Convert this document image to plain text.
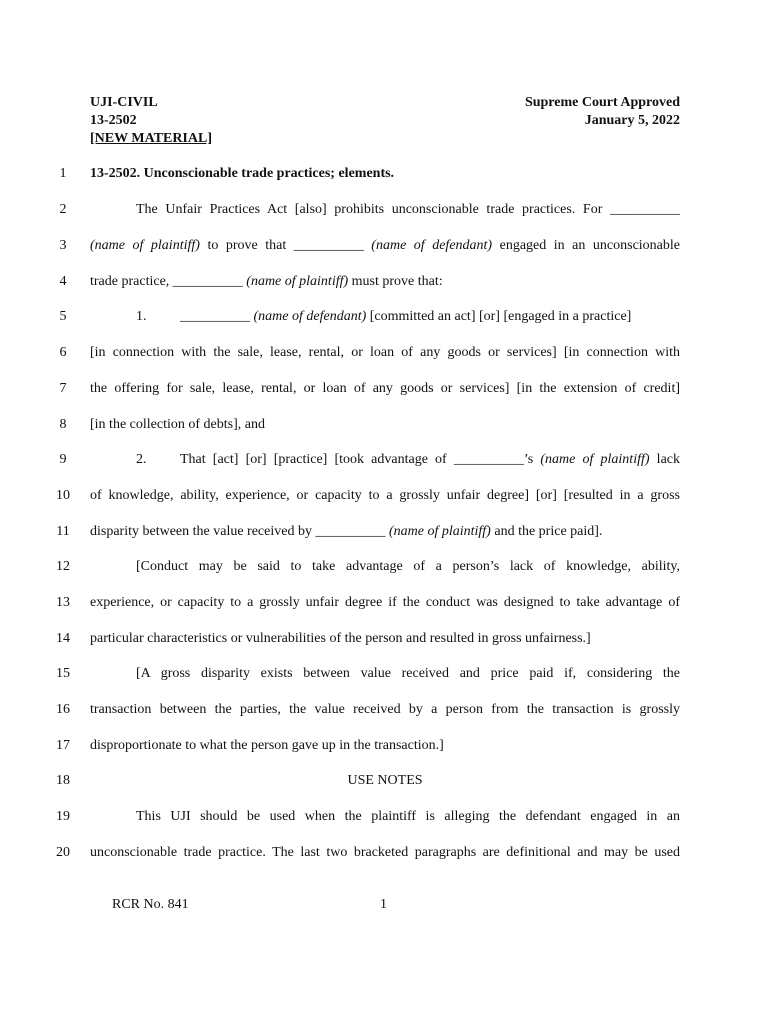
UJI-CIVIL
13-2502
[NEW MATERIAL]
Supreme Court Approved
January 5, 2022
1 13-2502. Unconscionable trade practices; elements.
2	The Unfair Practices Act [also] prohibits unconscionable trade practices. For __________
3 (name of plaintiff) to prove that __________ (name of defendant) engaged in an unconscionable
4 trade practice, __________ (name of plaintiff) must prove that:
5	1. __________ (name of defendant) [committed an act] [or] [engaged in a practice]
6 [in connection with the sale, lease, rental, or loan of any goods or services] [in connection with
7 the offering for sale, lease, rental, or loan of any goods or services] [in the extension of credit]
8 [in the collection of debts], and
9	2. That [act] [or] [practice] [took advantage of __________’s (name of plaintiff) lack
10 of knowledge, ability, experience, or capacity to a grossly unfair degree] [or] [resulted in a gross
11 disparity between the value received by __________ (name of plaintiff) and the price paid].
12	[Conduct may be said to take advantage of a person’s lack of knowledge, ability,
13 experience, or capacity to a grossly unfair degree if the conduct was designed to take advantage of
14 particular characteristics or vulnerabilities of the person and resulted in gross unfairness.]
15	[A gross disparity exists between value received and price paid if, considering the
16 transaction between the parties, the value received by a person from the transaction is grossly
17 disproportionate to what the person gave up in the transaction.]
18	USE NOTES
19	This UJI should be used when the plaintiff is alleging the defendant engaged in an
20 unconscionable trade practice. The last two bracketed paragraphs are definitional and may be used
RCR No. 841	1
